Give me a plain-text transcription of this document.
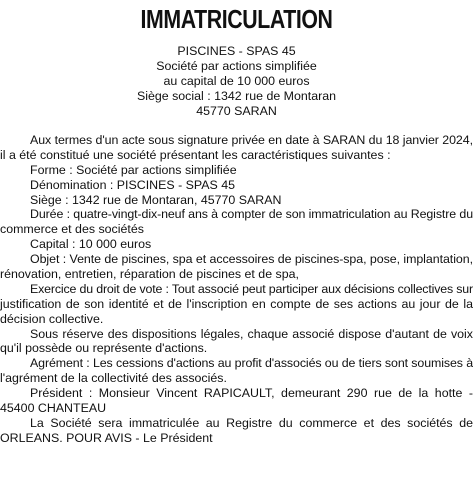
IMMATRICULATION
PISCINES - SPAS 45
Société par actions simplifiée
au capital de 10 000 euros
Siège social : 1342 rue de Montaran
45770 SARAN
Aux termes d'un acte sous signature privée en date à SARAN du 18 janvier 2024,
il a été constitué une société présentant les caractéristiques suivantes :
Forme : Société par actions simplifiée
Dénomination : PISCINES - SPAS 45
Siège : 1342 rue de Montaran, 45770 SARAN
Durée : quatre-vingt-dix-neuf ans à compter de son immatriculation au Registre du
commerce et des sociétés
Capital : 10 000 euros
Objet : Vente de piscines, spa et accessoires de piscines-spa, pose, implantation,
rénovation, entretien, réparation de piscines et de spa,
Exercice du droit de vote : Tout associé peut participer aux décisions collectives sur
justification de son identité et de l'inscription en compte de ses actions au jour de la
décision collective.
Sous réserve des dispositions légales, chaque associé dispose d'autant de voix
qu'il possède ou représente d'actions.
Agrément : Les cessions d'actions au profit d'associés ou de tiers sont soumises à
l'agrément de la collectivité des associés.
Président : Monsieur Vincent RAPICAULT, demeurant 290 rue de la hotte -
45400 CHANTEAU
La Société sera immatriculée au Registre du commerce et des sociétés de
ORLEANS. POUR AVIS - Le Président
